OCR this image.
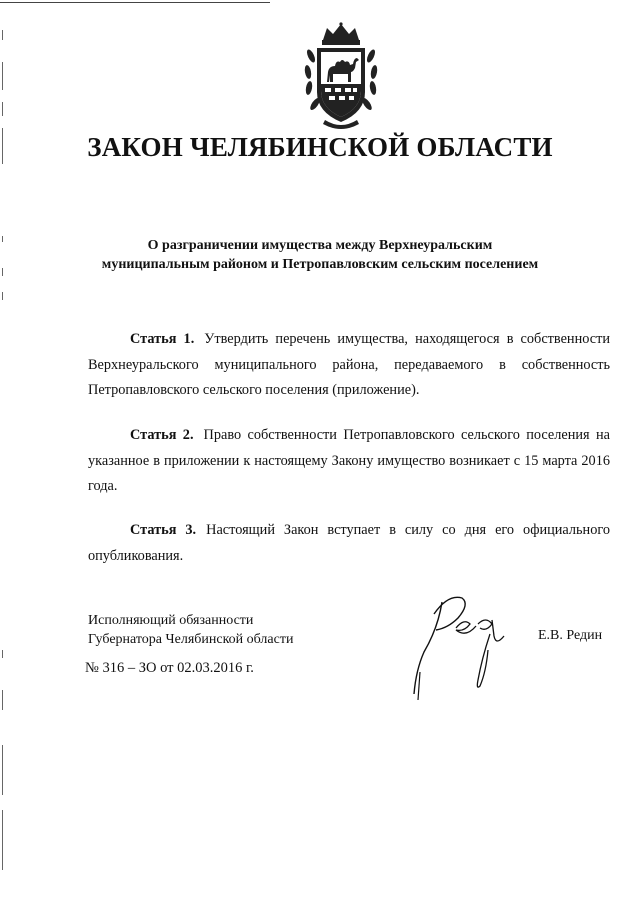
ЗАКОН ЧЕЛЯБИНСКОЙ ОБЛАСТИ
О разграничении имущества между Верхнеуральским муниципальным районом и Петропавловским сельским поселением
Статья 1. Утвердить перечень имущества, находящегося в собственности Верхнеуральского муниципального района, передаваемого в собственность Петропавловского сельского поселения (приложение).
Статья 2. Право собственности Петропавловского сельского поселения на указанное в приложении к настоящему Закону имущество возникает с 15 марта 2016 года.
Статья 3. Настоящий Закон вступает в силу со дня его официального опубликования.
Исполняющий обязанности
Губернатора Челябинской области	Е.В. Редин
№ 316 – ЗО от 02.03.2016 г.
